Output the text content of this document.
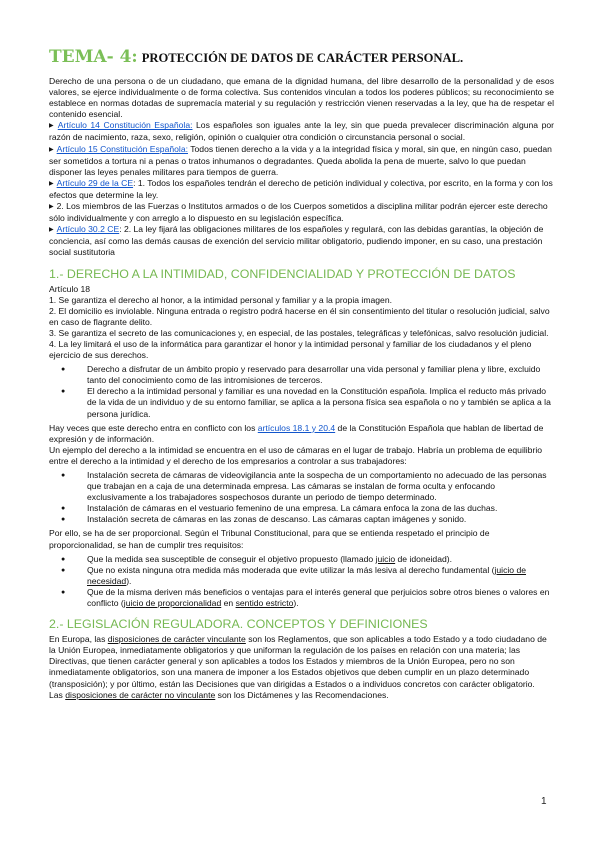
TEMA- 4: PROTECCIÓN DE DATOS DE CARÁCTER PERSONAL.

Derecho de una persona o de un ciudadano, que emana de la dignidad humana, del libre desarrollo de la personalidad y de esos valores, se ejerce individualmente o de forma colectiva. Sus contenidos vinculan a todos los poderes públicos; su reconocimiento se establece en normas dotadas de supremacía material y su regulación y restricción vienen reservadas a la ley, que ha de respetar el contenido esencial.

▶ Artículo 14 Constitución Española: Los españoles son iguales ante la ley, sin que pueda prevalecer discriminación alguna por razón de nacimiento, raza, sexo, religión, opinión o cualquier otra condición o circunstancia personal o social.

▶ Artículo 15 Constitución Española: Todos tienen derecho a la vida y a la integridad física y moral, sin que, en ningún caso, puedan ser sometidos a tortura ni a penas o tratos inhumanos o degradantes. Queda abolida la pena de muerte, salvo lo que puedan disponer las leyes penales militares para tiempos de guerra.

▶ Artículo 29 de la CE: 1. Todos los españoles tendrán el derecho de petición individual y colectiva, por escrito, en la forma y con los efectos que determine la ley.

▶ 2. Los miembros de las Fuerzas o Institutos armados o de los Cuerpos sometidos a disciplina militar podrán ejercer este derecho sólo individualmente y con arreglo a lo dispuesto en su legislación específica.

▶ Artículo 30.2 CE: 2. La ley fijará las obligaciones militares de los españoles y regulará, con las debidas garantías, la objeción de conciencia, así como las demás causas de exención del servicio militar obligatorio, pudiendo imponer, en su caso, una prestación social sustitutoria

1.- DERECHO A LA INTIMIDAD, CONFIDENCIALIDAD Y PROTECCIÓN DE DATOS

Artículo 18

1. Se garantiza el derecho al honor, a la intimidad personal y familiar y a la propia imagen.

2. El domicilio es inviolable. Ninguna entrada o registro podrá hacerse en él sin consentimiento del titular o resolución judicial, salvo en caso de flagrante delito.

3. Se garantiza el secreto de las comunicaciones y, en especial, de las postales, telegráficas y telefónicas, salvo resolución judicial.

4. La ley limitará el uso de la informática para garantizar el honor y la intimidad personal y familiar de los ciudadanos y el pleno ejercicio de sus derechos.

● Derecho a disfrutar de un ámbito propio y reservado para desarrollar una vida personal y familiar plena y libre, excluido tanto del conocimiento como de las intromisiones de terceros.
● El derecho a la intimidad personal y familiar es una novedad en la Constitución española. Implica el reducto más privado de la vida de un individuo y de su entorno familiar, se aplica a la persona física sea española o no y también se aplica a la persona jurídica.

Hay veces que este derecho entra en conflicto con los artículos 18.1 y 20.4 de la Constitución Española que hablan de libertad de expresión y de información.

Un ejemplo del derecho a la intimidad se encuentra en el uso de cámaras en el lugar de trabajo. Habría un problema de equilibrio entre el derecho a la intimidad y el derecho de los empresarios a controlar a sus trabajadores:

● Instalación secreta de cámaras de videovigilancia ante la sospecha de un comportamiento no adecuado de las personas que trabajan en a caja de una determinada empresa. Las cámaras se instalan de forma oculta y enfocando exclusivamente a los trabajadores sospechosos durante un periodo de tiempo determinado.
● Instalación de cámaras en el vestuario femenino de una empresa. La cámara enfoca la zona de las duchas.
● Instalación secreta de cámaras en las zonas de descanso. Las cámaras captan imágenes y sonido.

Por ello, se ha de ser proporcional. Según el Tribunal Constitucional, para que se entienda respetado el principio de proporcionalidad, se han de cumplir tres requisitos:

● Que la medida sea susceptible de conseguir el objetivo propuesto (llamado juicio de idoneidad).
● Que no exista ninguna otra medida más moderada que evite utilizar la más lesiva al derecho fundamental (juicio de necesidad).
● Que de la misma deriven más beneficios o ventajas para el interés general que perjuicios sobre otros bienes o valores en conflicto (juicio de proporcionalidad en sentido estricto).
2.- LEGISLACIÓN REGULADORA. CONCEPTOS Y DEFINICIONES

En Europa, las disposiciones de carácter vinculante son los Reglamentos, que son aplicables a todo Estado y a todo ciudadano de la Unión Europea, inmediatamente obligatorios y que uniforman la regulación de los países en relación con una materia; las Directivas, que tienen carácter general y son aplicables a todos los Estados y miembros de la Unión Europea, pero no son inmediatamente obligatorios, son una manera de imponer a los Estados objetivos que deben cumplir en un plazo determinado (transposición); y por último, están las Decisiones que van dirigidas a Estados o a individuos concretos con carácter obligatorio.

Las disposiciones de carácter no vinculante son los Dictámenes y las Recomendaciones.

1
